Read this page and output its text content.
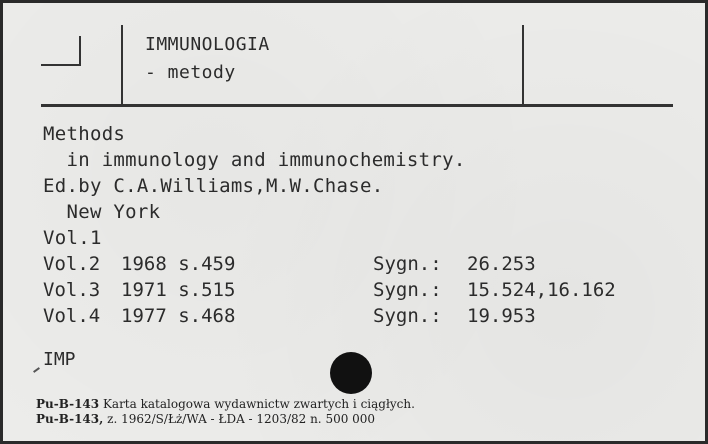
IMMUNOLOGIA

- metody

Methods

in immunology and immunochemistry.

Ed.by C.A.Williams,M.W.Chase.

New York

Vol.1

Vol.2 1968 s.459	Sygn.: 26.253

Vol.3 1971 s.515	Sygn.: 15.524,16.162

Vol.4 1977 s.468	Sygn.: 19.953

IMP

Pu-B-143 Karta katalogowa wydawnictw zwartych i ciągłych.
Pu-B-143, z. 1962/S/Łż/WA - ŁDA - 1203/82 n. 500 000
